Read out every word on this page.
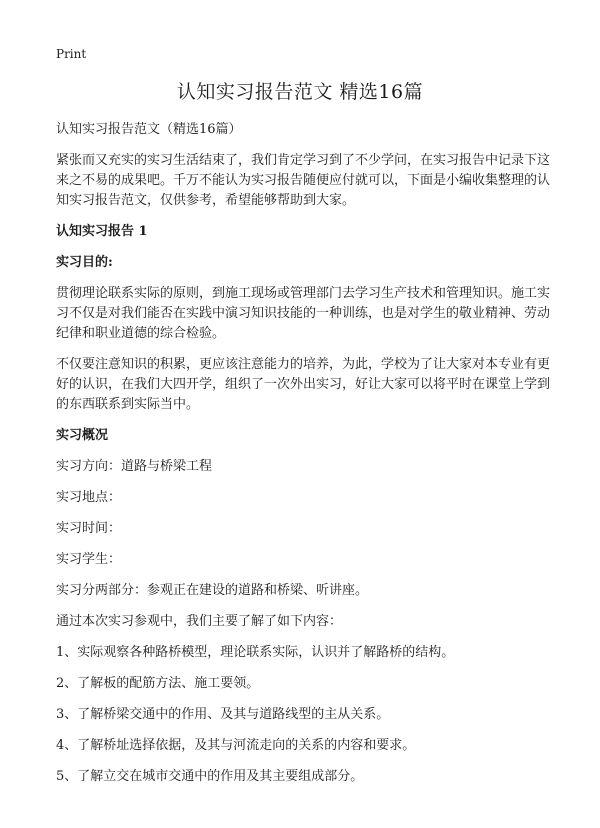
Print
认知实习报告范文 精选16篇

认知实习报告范文（精选16篇）

紧张而又充实的实习生活结束了，我们肯定学习到了不少学问，在实习报告中记录下这来之不易的成果吧。千万不能认为实习报告随便应付就可以，下面是小编收集整理的认知实习报告范文，仅供参考，希望能够帮助到大家。

认知实习报告 1

实习目的:

贯彻理论联系实际的原则，到施工现场或管理部门去学习生产技术和管理知识。施工实习不仅是对我们能否在实践中演习知识技能的一种训练，也是对学生的敬业精神、劳动纪律和职业道德的综合检验。

不仅要注意知识的积累，更应该注意能力的培养，为此，学校为了让大家对本专业有更好的认识，在我们大四开学，组织了一次外出实习，好让大家可以将平时在课堂上学到的东西联系到实际当中。

实习概况

实习方向：道路与桥梁工程

实习地点：

实习时间：

实习学生：

实习分两部分：参观正在建设的道路和桥梁、听讲座。

通过本次实习参观中，我们主要了解了如下内容：

1、实际观察各种路桥模型，理论联系实际，认识并了解路桥的结构。

2、了解板的配筋方法、施工要领。

3、了解桥梁交通中的作用、及其与道路线型的主从关系。

4、了解桥址选择依据，及其与河流走向的关系的内容和要求。

5、了解立交在城市交通中的作用及其主要组成部分。
